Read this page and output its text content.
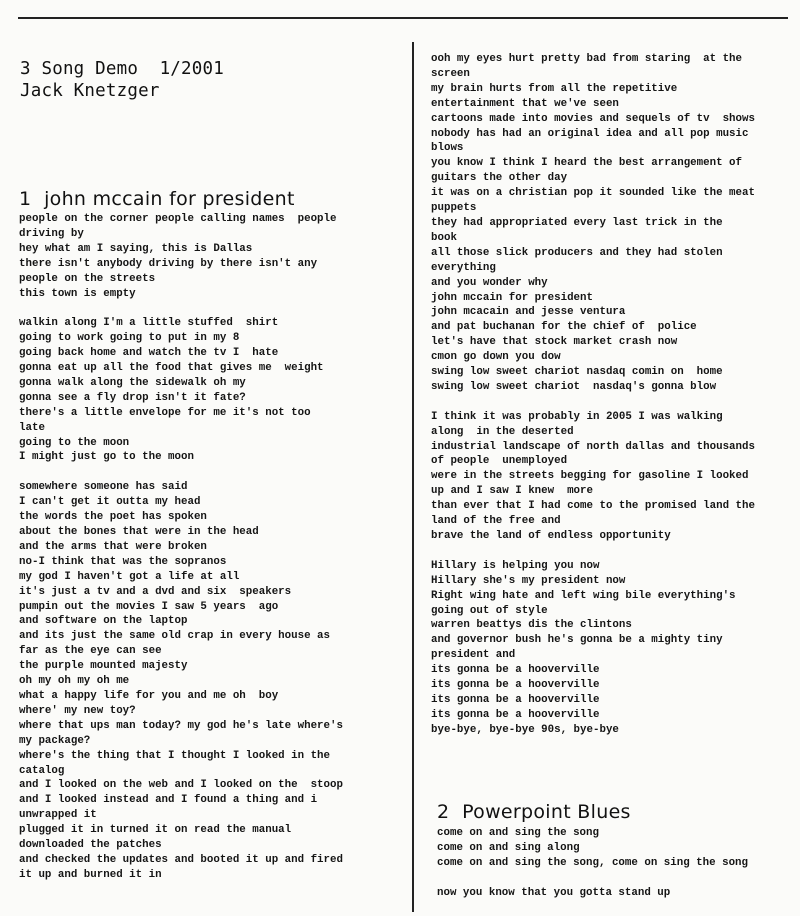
3 Song Demo  1/2001
Jack Knetzger
1  john mccain for president
people on the corner people calling names  people
driving by
hey what am I saying, this is Dallas
there isn't anybody driving by there isn't any
people on the streets
this town is empty
walkin along I'm a little stuffed  shirt
going to work going to put in my 8
going back home and watch the tv I  hate
gonna eat up all the food that gives me  weight
gonna walk along the sidewalk oh my
gonna see a fly drop isn't it fate?
there's a little envelope for me it's not too
late
going to the moon
I might just go to the moon
somewhere someone has said
I can't get it outta my head
the words the poet has spoken
about the bones that were in the head
and the arms that were broken
no-I think that was the sopranos
my god I haven't got a life at all
it's just a tv and a dvd and six  speakers
pumpin out the movies I saw 5 years  ago
and software on the laptop
and its just the same old crap in every house as
far as the eye can see
the purple mounted majesty
oh my oh my oh me
what a happy life for you and me oh  boy
where' my new toy?
where that ups man today? my god he's late where's
my package?
where's the thing that I thought I looked in the
catalog
and I looked on the web and I looked on the  stoop
and I looked instead and I found a thing and i
unwrapped it
plugged it in turned it on read the manual
downloaded the patches
and checked the updates and booted it up and fired
it up and burned it in
ooh my eyes hurt pretty bad from staring  at the
screen
my brain hurts from all the repetitive
entertainment that we've seen
cartoons made into movies and sequels of tv  shows
nobody has had an original idea and all pop music
blows
you know I think I heard the best arrangement of
guitars the other day
it was on a christian pop it sounded like the meat
puppets
they had appropriated every last trick in the
book
all those slick producers and they had stolen
everything
and you wonder why
john mccain for president
john mcacain and jesse ventura
and pat buchanan for the chief of  police
let's have that stock market crash now
cmon go down you dow
swing low sweet chariot nasdaq comin on  home
swing low sweet chariot  nasdaq's gonna blow
I think it was probably in 2005 I was walking
along  in the deserted
industrial landscape of north dallas and thousands
of people  unemployed
were in the streets begging for gasoline I looked
up and I saw I knew  more
than ever that I had come to the promised land the
land of the free and
brave the land of endless opportunity
Hillary is helping you now
Hillary she's my president now
Right wing hate and left wing bile everything's
going out of style
warren beattys dis the clintons
and governor bush he's gonna be a mighty tiny
president and
its gonna be a hooverville
its gonna be a hooverville
its gonna be a hooverville
its gonna be a hooverville
bye-bye, bye-bye 90s, bye-bye
2  Powerpoint Blues
come on and sing the song
come on and sing along
come on and sing the song, come on sing the song
now you know that you gotta stand up
